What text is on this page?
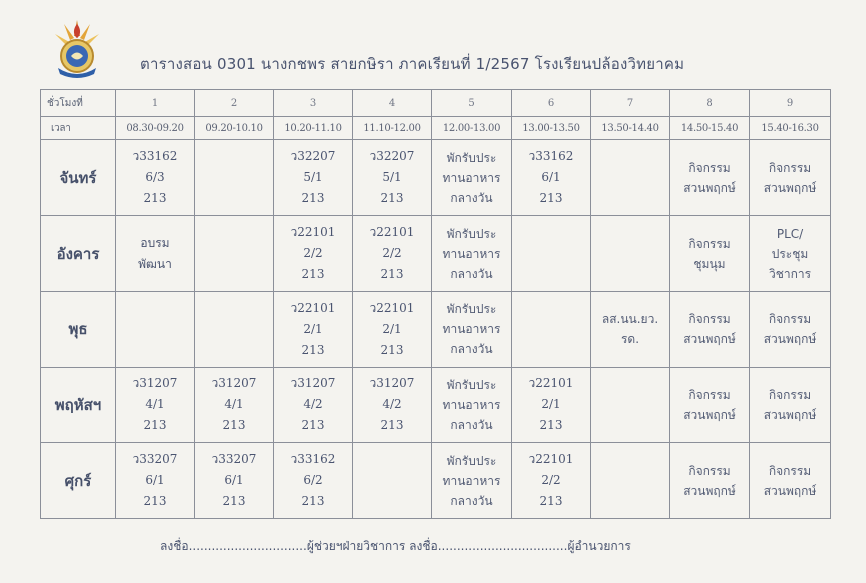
ตารางสอน 0301 นางกชพร สายกษิรา ภาคเรียนที่ 1/2567 โรงเรียนปล้องวิทยาคม
ชั่วโมงที่	1	2	3	4	5	6	7	8	9
เวลา	08.30-09.20	09.20-10.10	10.20-11.10	11.10-12.00	12.00-13.00	13.00-13.50	13.50-14.40	14.50-15.40	15.40-16.30
จันทร์	ว33162
6/3
213		ว32207
5/1
213	ว32207
5/1
213	พักรับประ
ทานอาหาร
กลางวัน	ว33162
6/1
213		กิจกรรม
สวนพฤกษ์	กิจกรรม
สวนพฤกษ์

อังคาร	อบรม
พัฒนา		ว22101
2/2
213	ว22101
2/2
213	พักรับประ
ทานอาหาร
กลางวัน			กิจกรรม
ชุมนุม	PLC/
ประชุม
วิชาการ

พุธ			ว22101
2/1
213	ว22101
2/1
213	พักรับประ
ทานอาหาร
กลางวัน		ลส.นน.ยว.
รด.	กิจกรรม
สวนพฤกษ์	กิจกรรม
สวนพฤกษ์

พฤหัสฯ	ว31207
4/1
213	ว31207
4/1
213	ว31207
4/2
213	ว31207
4/2
213	พักรับประ
ทานอาหาร
กลางวัน	ว22101
2/1
213		กิจกรรม
สวนพฤกษ์	กิจกรรม
สวนพฤกษ์

ศุกร์	ว33207
6/1
213	ว33207
6/1
213	ว33162
6/2
213		พักรับประ
ทานอาหาร
กลางวัน	ว22101
2/2
213		กิจกรรม
สวนพฤกษ์	กิจกรรม
สวนพฤกษ์
ลงชื่อ...............................ผู้ช่วยฯฝ่ายวิชาการ ลงชื่อ..................................ผู้อำนวยการ
